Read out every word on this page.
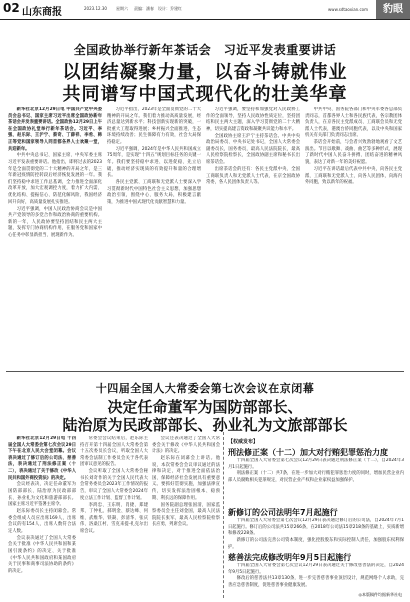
02 山东商报	2023.12.30 星期六 责编：潘春 设计：乔建红	www.sdtaoxian.com	豹眼
全国政协举行新年茶话会　习近平发表重要讲话
以团结凝聚力量，以奋斗铸就伟业
共同谱写中国式现代化的壮美华章

新华社北京12月29日电 中国共产党中央委员会总书记、国家主席习近平出席全国政协新年茶话会并发表重要讲话。全国政协12月29日上午在全国政协礼堂举行新年茶话会。习近平、李强、赵乐际、王沪宁、蔡奇、丁薛祥、李希、韩正等党和国家领导人同首都各界人士欢聚一堂，共迎新年。

中共中央总书记、国家主席、中央军委主席习近平发表重要讲话。他指出，即将过去的2023年是全面贯彻党的二十大精神的开局之年，是三年新冠疫情防控转段后经济恢复发展的一年。我们坚持稳中求进工作总基调，全力推进全面深化改革开放，加大宏观调控力度，着力扩大内需、优化结构、提振信心、防范化解风险，我国经济回升向好，高质量发展扎实推进。

习近平强调，中国人民政治协商会议是中国共产党领导的多党合作和政治协商的重要机构。新的一年，人民政协要坚持团结和民主两大主题，发挥专门协商机构作用，在服务党和国家中心任务中彰显新担当、展现新作为。

习近平指出，2023年是全面贯彻党的二十大精神的开局之年。我们着力推动高质量发展，经济总量达到新水平；科技创新实现新的突破，一批重大工程取得进展；乡村振兴全面推进，生态环境持续改善；民生保障有力有效，社会大局保持稳定。

习近平强调，2024年是中华人民共和国成立75周年，是实现“十四五”规划目标任务的关键一年。我们要坚持稳中求进、以进促稳、先立后破，推动经济实现质的有效提升和量的合理增长。

各民主党派、工商联和无党派人士要深入学习贯彻新时代中国特色社会主义思想，加强思想政治引领，围绕中心、服务大局，积极建言献策，为推进中国式现代化贡献智慧和力量。

习近平强调，要坚持和加强党对人民政协工作的全面领导，坚持人民政协性质定位，坚持团结和民主两大主题，深入学习贯彻党的二十大精神，切实提高建言资政和凝聚共识能力和水平。

全国政协主席王沪宁主持茶话会。中共中央政治局委员、中央书记处书记，全国人大常委会副委员长，国务委员，最高人民法院院长，最高人民检察院检察长，全国政协副主席和秘书长出席茶话会。

出席茶话会的还有：各民主党派中央、全国工商联负责人和无党派人士代表，在京全国政协常委，各人民团体负责人等。

中共中央、国务院各部门和中央军委各总部负责同志，首都各界人士和各民族代表，各宗教团体负责人，在京各民主党派成员、工商联会员和无党派人士代表，港澳台侨同胞代表，以及中央和国家机关有关部门负责同志出席。

茶话会开始前，与会者兴致勃勃地观看了文艺演出。节目以歌舞、戏曲、曲艺等多种形式，展现了新时代中国人民奋斗拼搏、团结奋进的精神风貌，表达了对新一年的美好祝愿。

习近平在讲话最后代表中共中央，向各民主党派、工商联和无党派人士，向各人民团体，向海内外同胞，致以新年的祝福。

十四届全国人大常委会第七次会议在京闭幕
决定任命董军为国防部部长、
陆治原为民政部部长、孙业礼为文旅部部长

新华社北京12月29日电 十四届全国人大常委会第七次会议29日下午在北京人民大会堂闭幕。会议表决通过了修订后的公司法、慈善法，表决通过了刑法修正案（十二），表决通过了关于修改《中华人民共和国外商投资法》的决定。

会议经表决，决定任命董军为国防部部长、陆治原为民政部部长、孙业礼为文化和旅游部部长。国家主席习近平签署主席令。

赵乐际委员长主持闭幕会。常委会组成人员应出席169人，出席会议的有154人，出席人数符合法定人数。

会议表决通过了全国人大常委会关于批准《中华人民共和国和某国引渡条约》的决定、关于批准《中华人民共和国政府和某国政府关于民事和商事司法协助的条约》的决定。

常委会会议结束后，赵乐际主持召开第十四届全国人大常委会第十五次委员长会议，听取全国人大常委会法制工作委员会关于各代表团审议意见的报告。

会议听取了全国人大常委会秘书长刘奇作的关于全国人民代表大会常务委员会2023年工作情况的报告，审议了全国人大常委会2024年度立法工作计划、监督工作计划。

李鸿忠、王东明、肖捷、郑建邦、丁仲礼、郝明金、蔡达峰、何维、武维华、铁凝、彭清华、张庆伟、洛桑江村、雪克来提·扎克尔出席会议。

会议还表决通过了全国人大常委会关于修改《中华人民共和国会计法》的决定。

赵乐际在闭幕会上讲话。他说，本次常委会会议审议通过的法律和决定，对于推进全面依法治国、保障经济社会发展具有重要意义。要抓好贯彻实施，加强法律宣传，切实发挥法治固根本、稳预期、利长远的保障作用。

国务院副总理张国清，国家监察委员会主任刘金国，最高人民法院院长张军，最高人民检察院检察长应勇，列席会议。

【权威发布】
刑法修正案（十二）加大对行贿犯罪惩治力度

十四届全国人大常委会第七次会议12月29日表决通过刑法修正案（十二），自2024年3月1日起施行。

刑法修正案（十二）共7条，在进一步加大对行贿犯罪惩治力度的同时，增加民营企业内部人员腐败相关犯罪规定，对民营企业产权和企业家权益加强保护。

新修订的公司法明年7月起施行

十四届全国人大常委会第七次会议12月29日表决通过修订后的公司法，自2024年7月1日起施行。修订后的公司法共15章266条，在2018年公司法15章218条的基础上，实质新增和修改228条。

新修订的公司法完善公司资本制度，强化控股股东和实际控制人责任，加强股东权利保护。

慈善法完成修改明年9月5日起施行

十四届全国人大常委会第七次会议12月29日表决通过关于修改慈善法的决定，自2024年9月5日起施行。

修改后的慈善法共13章130条，进一步完善慈善事业顶层设计，规范网络个人求助，完善应急慈善制度，促进慈善事业健康发展。

◎本版稿件均据新华社电
